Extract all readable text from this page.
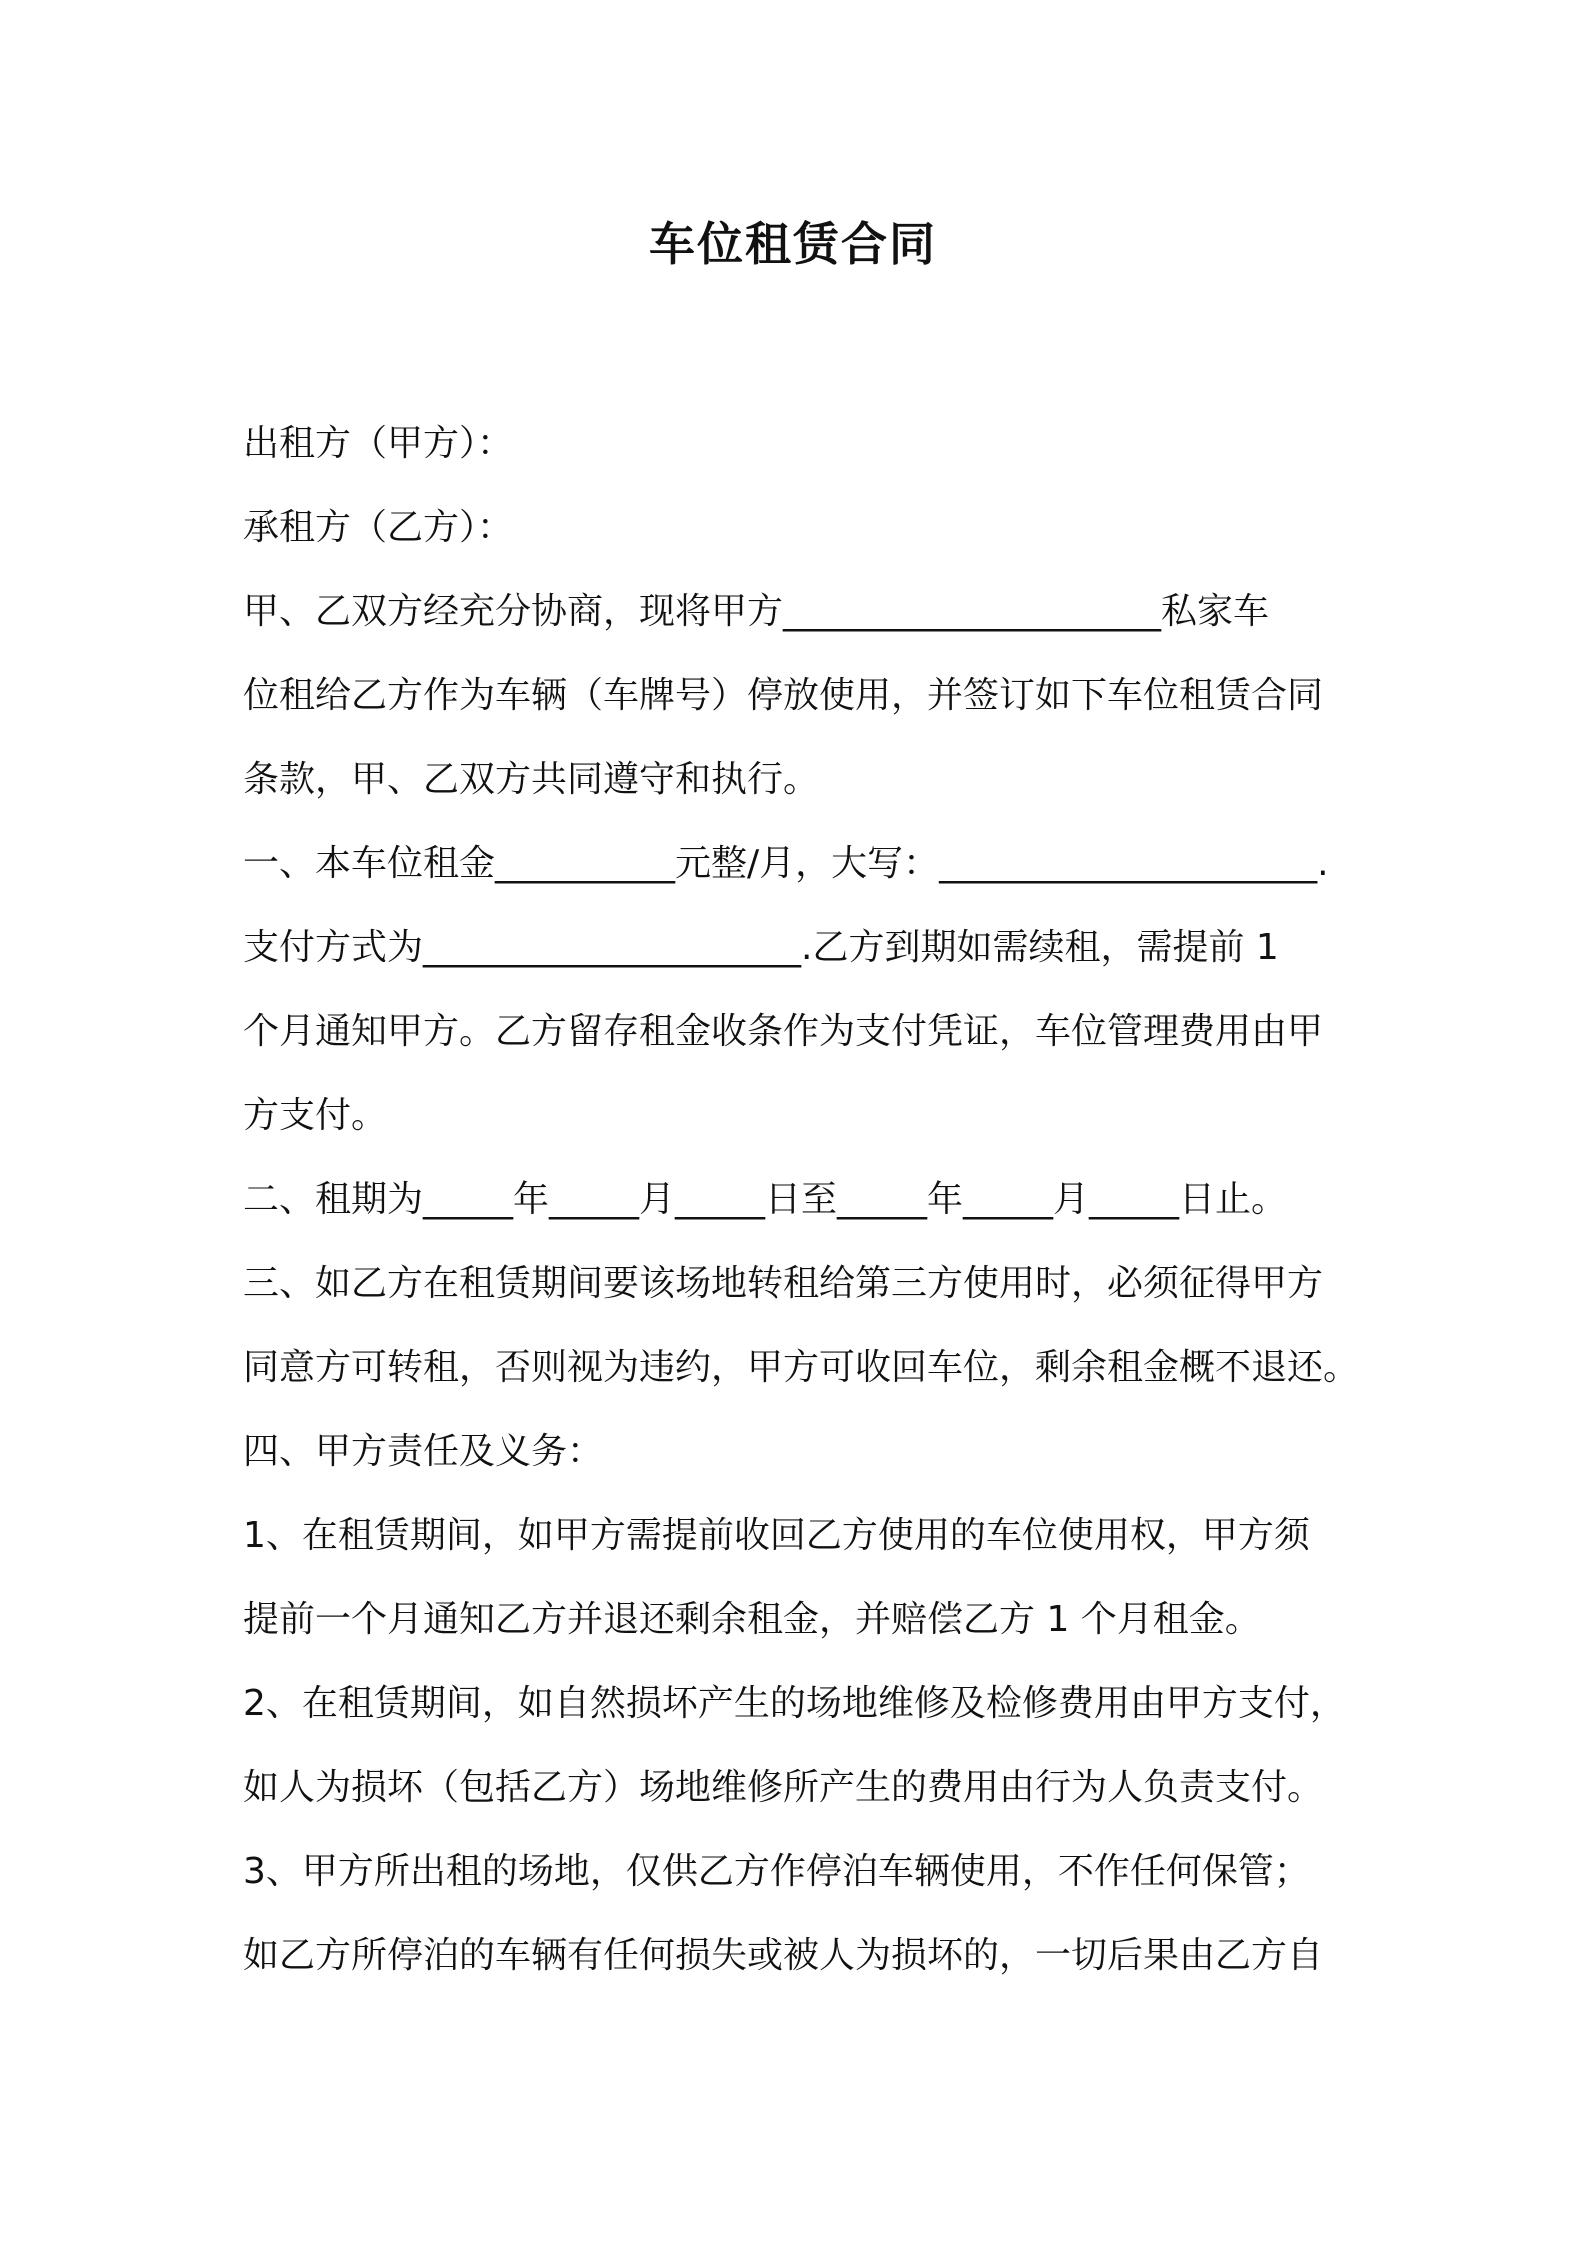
车位租赁合同

出租方（甲方）：

承租方（乙方）：

甲、乙双方经充分协商，现将甲方_____________________私家车

位租给乙方作为车辆（车牌号）停放使用，并签订如下车位租赁合同

条款，甲、乙双方共同遵守和执行。

一、本车位租金__________元整/月，大写：_____________________.

支付方式为_____________________.乙方到期如需续租，需提前 1

个月通知甲方。乙方留存租金收条作为支付凭证，车位管理费用由甲

方支付。

二、租期为_____年_____月_____日至_____年_____月_____日止。

三、如乙方在租赁期间要该场地转租给第三方使用时，必须征得甲方

同意方可转租，否则视为违约，甲方可收回车位，剩余租金概不退还。

四、甲方责任及义务：

1、在租赁期间，如甲方需提前收回乙方使用的车位使用权，甲方须

提前一个月通知乙方并退还剩余租金，并赔偿乙方 1 个月租金。

2、在租赁期间，如自然损坏产生的场地维修及检修费用由甲方支付，

如人为损坏（包括乙方）场地维修所产生的费用由行为人负责支付。

3、甲方所出租的场地，仅供乙方作停泊车辆使用，不作任何保管；

如乙方所停泊的车辆有任何损失或被人为损坏的，一切后果由乙方自
